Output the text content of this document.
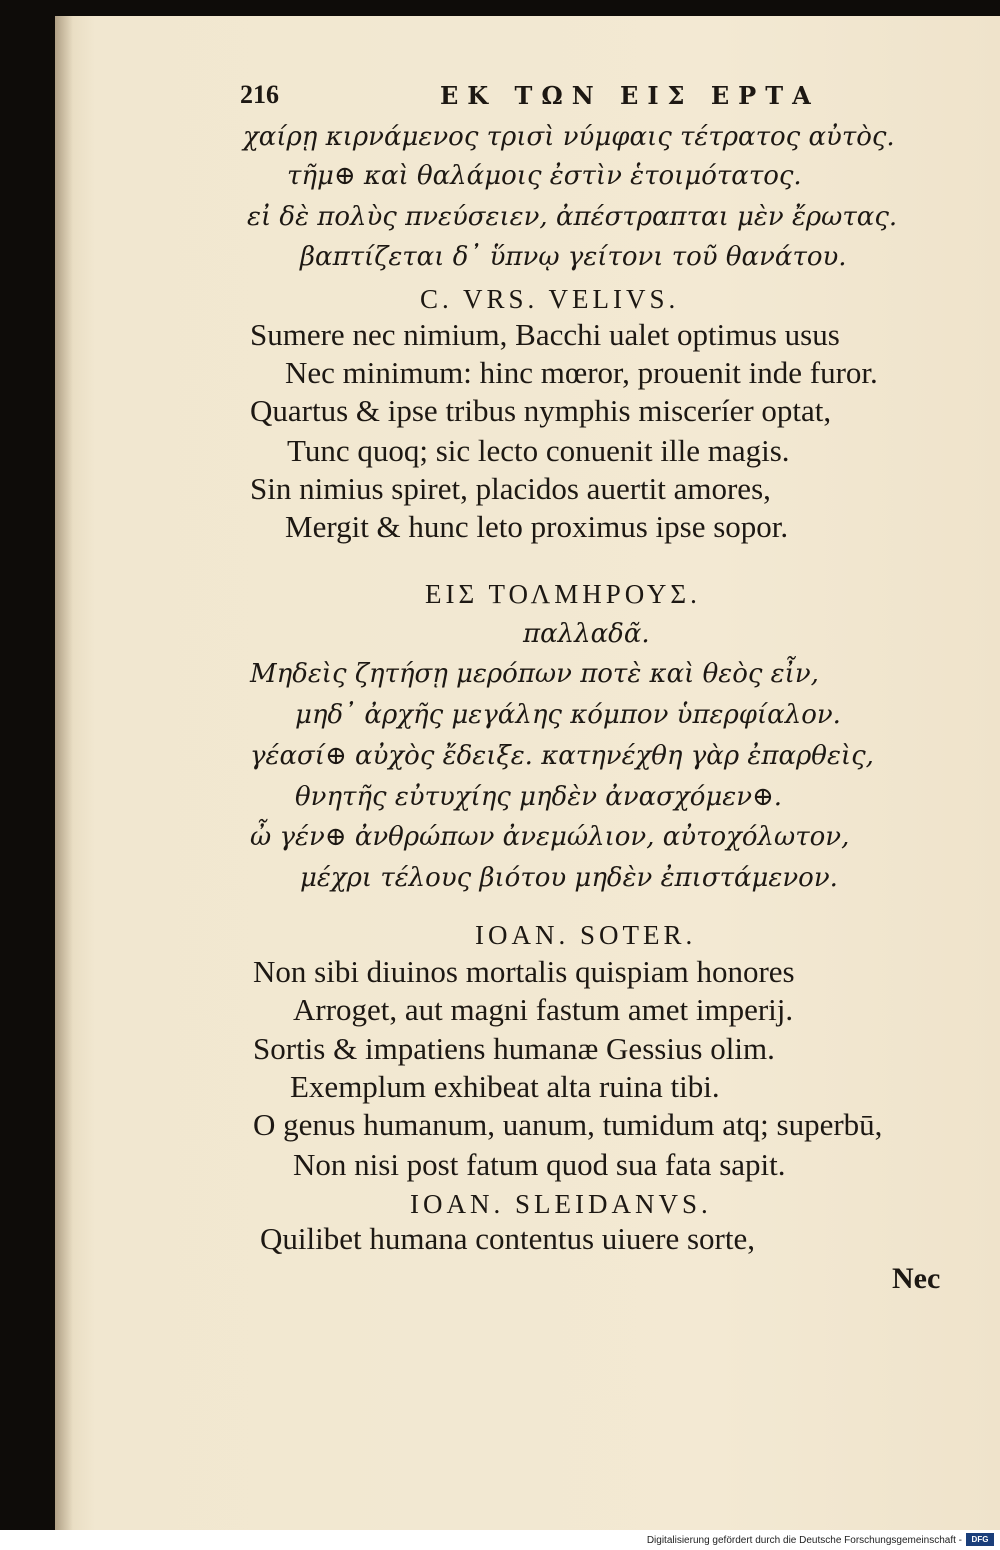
216	ΕΚ ΤΩΝ ΕΙΣ ΕΡΤΑ
χαίρῃ κιρνάμενος τρισὶ νύμφαις τέτρατος αὐτὸς.
τῆμ⊕ καὶ θαλάμοις ἐστὶν ἑτοιμότατος.
εἰ δὲ πολὺς πνεύσειεν, ἀπέστραπται μὲν ἔρωτας.
βαπτίζεται δ᾽ ὕπνῳ γείτονι τοῦ θανάτου.
C. VRS. VELIVS.
Sumere nec nimium, Bacchi ualet optimus usus
Nec minimum: hinc mœror, prouenit inde furor.
Quartus & ipse tribus nymphis misceríer optat,
Tunc quoq; sic lecto conuenit ille magis.
Sin nimius spiret, placidos auertit amores,
Mergit & hunc leto proximus ipse sopor.
ΕΙΣ ΤΟΛΜΗΡΟΥΣ.
παλλαδᾶ.
Μηδεὶς ζητήσῃ μερόπων ποτὲ καὶ θεὸς εἶν,
μηδ᾽ ἀρχῆς μεγάλης κόμπον ὑπερφίαλον.
γέασί⊕ αὐχὸς ἔδειξε. κατηνέχθη γὰρ ἐπαρθεὶς,
θνητῆς εὐτυχίης μηδὲν ἀνασχόμεν⊕.
ὦ γέν⊕ ἀνθρώπων ἀνεμώλιον, αὐτοχόλωτον,
μέχρι τέλους βιότου μηδὲν ἐπιστάμενον.
IOAN. SOTER.
Non sibi diuinos mortalis quispiam honores
Arroget, aut magni fastum amet imperij.
Sortis & impatiens humanæ Gessius olim.
Exemplum exhibeat alta ruina tibi.
O genus humanum, uanum, tumidum atq; superbū,
Non nisi post fatum quod sua fata sapit.
IOAN. SLEIDANVS.
Quilibet humana contentus uiuere sorte,
Nec
Digitalisierung gefördert durch die Deutsche Forschungsgemeinschaft -	DFG
